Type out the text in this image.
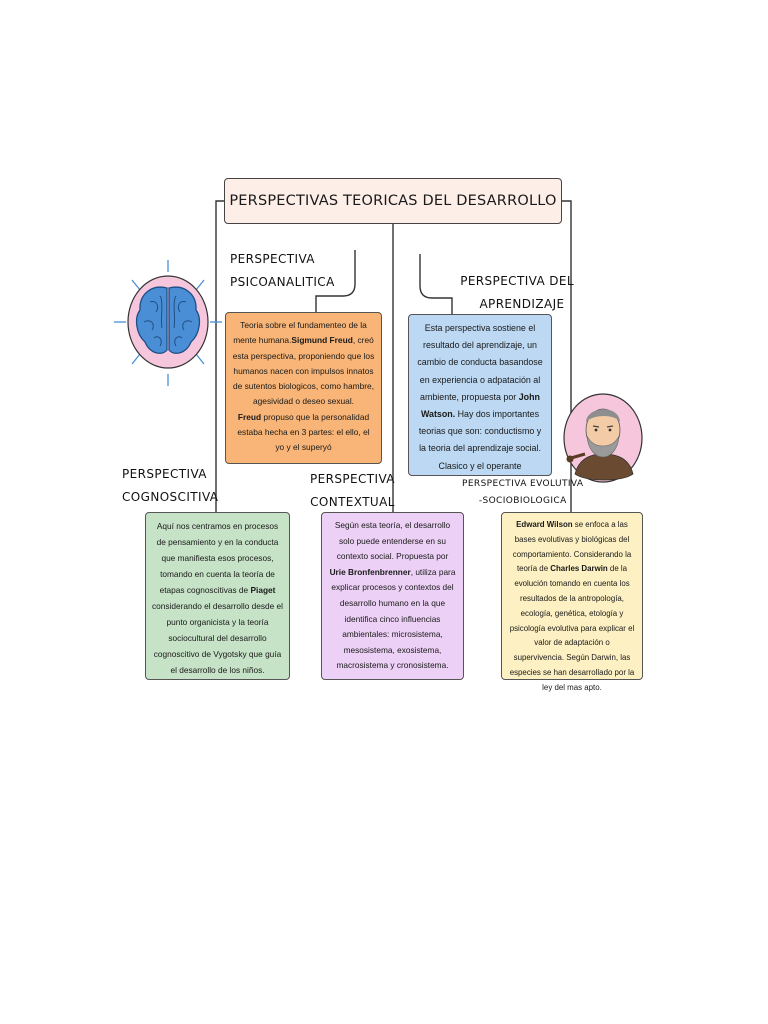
PERSPECTIVAS TEORICAS DEL DESARROLLO
PERSPECTIVA
PSICOANALITICA	PERSPECTIVA DEL
APRENDIZAJE
PERSPECTIVA
COGNOSCITIVA
PERSPECTIVA
CONTEXTUAL
PERSPECTIVA EVOLUTIVA
-SOCIOBIOLOGICA
Teoria sobre el fundamenteo de la mente humana.Sigmund Freud, creó esta perspectiva, proponiendo que los humanos nacen con impulsos innatos de sutentos biologicos, como hambre, agesividad o deseo sexual.
Freud propuso que la personalidad estaba hecha en 3 partes: el ello, el yo y el superyó
Esta perspectiva sostiene el resultado del aprendizaje, un cambio de conducta basandose en experiencia o adpatación al ambiente, propuesta por John Watson. Hay dos importantes teorias que son: conductismo y la teoria del aprendizaje social. Clasico y el operante
Aquí nos centramos en procesos de pensamiento y en la conducta que manifiesta esos procesos, tomando en cuenta la teoría de etapas cognoscitivas de Piaget considerando el desarrollo desde el punto organicista y la teoría sociocultural del desarrollo cognoscitivo de Vygotsky que guía el desarrollo de los niños.
Según esta teoría, el desarrollo solo puede entenderse en su contexto social. Propuesta por Urie Bronfenbrenner, utiliza para explicar procesos y contextos del desarrollo humano en la que identifica cinco influencias ambientales: microsistema, mesosistema, exosistema, macrosistema y cronosistema.
Edward Wilson se enfoca a las bases evolutivas y biológicas del comportamiento. Considerando la teoría de Charles Darwin de la evolución tomando en cuenta los resultados de la antropología, ecología, genética, etología y psicología evolutiva para explicar el valor de adaptación o supervivencia. Según Darwin, las especies se han desarrollado por la ley del mas apto.
